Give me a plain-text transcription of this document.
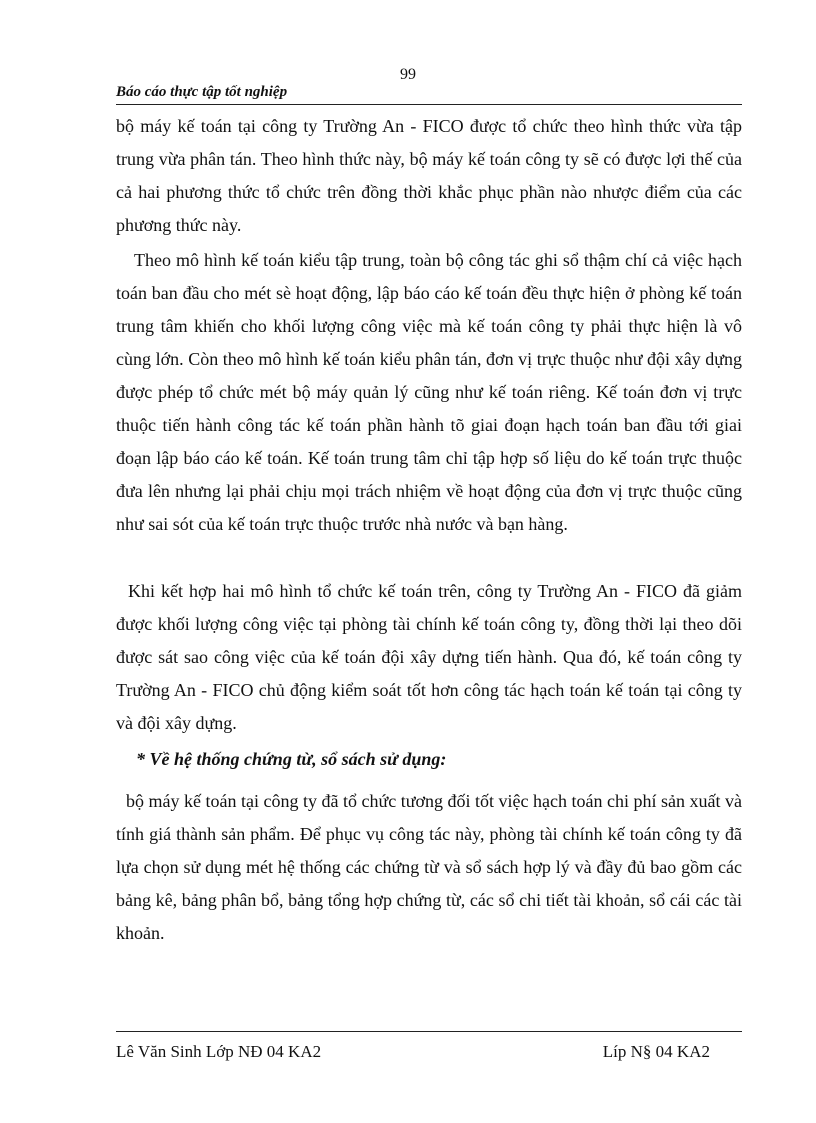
99
Báo cáo thực tập tốt nghiệp

bộ máy kế toán tại công ty Trường An - FICO được tổ chức theo hình thức vừa tập trung vừa phân tán. Theo hình thức này, bộ máy kế toán công ty sẽ có được lợi thế của cả hai phương thức tổ chức trên đồng thời khắc phục phần nào nhược điểm của các phương thức này.

Theo mô hình kế toán kiểu tập trung, toàn bộ công tác ghi sổ thậm chí cả việc hạch toán ban đầu cho mét sè hoạt động, lập báo cáo kế toán đều thực hiện ở phòng kế toán trung tâm khiến cho khối lượng công việc mà kế toán công ty phải thực hiện là vô cùng lớn. Còn theo mô hình kế toán kiểu phân tán, đơn vị trực thuộc như đội xây dựng được phép tổ chức mét bộ máy quản lý cũng như kế toán riêng. Kế toán đơn vị trực thuộc tiến hành công tác kế toán phần hành tõ giai đoạn hạch toán ban đầu tới giai đoạn lập báo cáo kế toán. Kế toán trung tâm chỉ tập hợp số liệu do kế toán trực thuộc đưa lên nhưng lại phải chịu mọi trách nhiệm về hoạt động của đơn vị trực thuộc cũng như sai sót của kế toán trực thuộc trước nhà nước và bạn hàng.

Khi kết hợp hai mô hình tổ chức kế toán trên, công ty Trường An - FICO đã giảm được khối lượng công việc tại phòng tài chính kế toán công ty, đồng thời lại theo dõi được sát sao công việc của kế toán đội xây dựng tiến hành. Qua đó, kế toán công ty Trường An - FICO chủ động kiểm soát tốt hơn công tác hạch toán kế toán tại công ty và đội xây dựng.

* Về hệ thống chứng từ, sổ sách sử dụng:

bộ máy kế toán tại công ty đã tổ chức tương đối tốt việc hạch toán chi phí sản xuất và tính giá thành sản phẩm. Để phục vụ công tác này, phòng tài chính kế toán công ty đã lựa chọn sử dụng mét hệ thống các chứng từ và sổ sách hợp lý và đầy đủ bao gồm các bảng kê, bảng phân bổ, bảng tổng hợp chứng từ, các sổ chi tiết tài khoản, sổ cái các tài khoản.

Lê Văn Sinh Lớp NĐ 04 KA2	Líp N§ 04 KA2
